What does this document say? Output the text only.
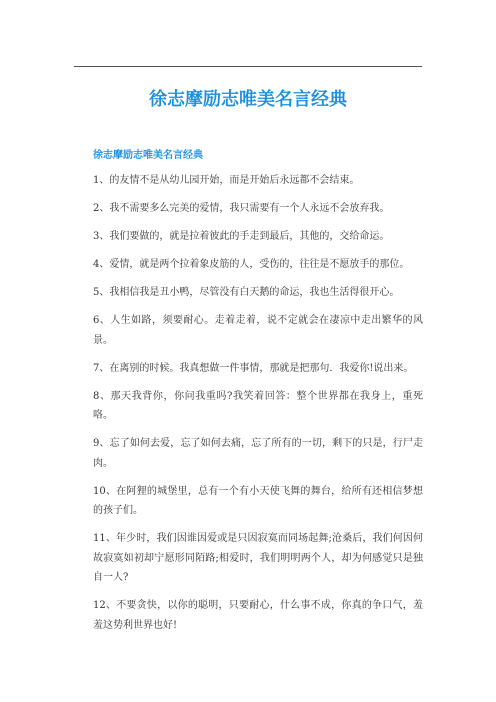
徐志摩励志唯美名言经典

徐志摩励志唯美名言经典

1、的友情不是从幼儿园开始，而是开始后永远都不会结束。

2、我不需要多么完美的爱情，我只需要有一个人永远不会放弃我。

3、我们要做的，就是拉着彼此的手走到最后，其他的，交给命运。

4、爱情，就是两个拉着象皮筋的人，受伤的，往往是不愿放手的那位。

5、我相信我是丑小鸭，尽管没有白天鹅的命运，我也生活得很开心。

6、人生如路，须要耐心。走着走着，说不定就会在凄凉中走出繁华的风景。

7、在离别的时候。我真想做一件事情，那就是把那句．我爱你!说出来。

8、那天我背你，你问我重吗?我笑着回答：整个世界都在我身上，重死咯。

9、忘了如何去爱，忘了如何去痛，忘了所有的一切，剩下的只是，行尸走肉。

10、在阿狸的城堡里，总有一个有小天使飞舞的舞台，给所有还相信梦想的孩子们。

11、年少时，我们因谁因爱或是只因寂寞而同场起舞;沧桑后，我们何因何故寂寞如初却宁愿形同陌路;相爱时，我们明明两个人，却为何感觉只是独自一人?

12、不要贪快，以你的聪明，只要耐心，什么事不成，你真的争口气，羞羞这势利世界也好!
